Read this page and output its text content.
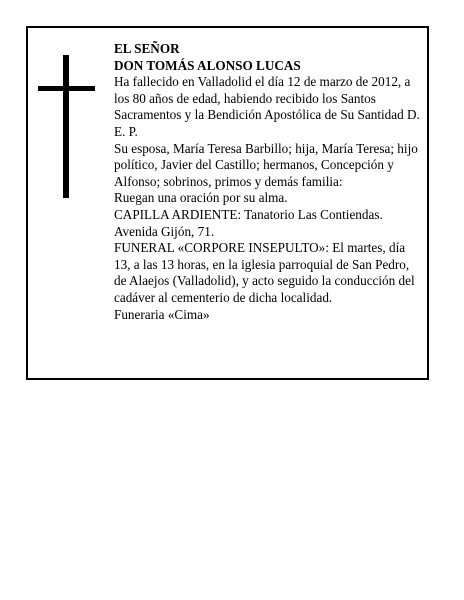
EL SEÑOR

DON TOMÁS ALONSO LUCAS

Ha fallecido en Valladolid el día 12 de marzo de 2012, a los 80 años de edad, habiendo recibido los Santos Sacramentos y la Bendición Apostólica de Su Santidad D. E. P.

Su esposa, María Teresa Barbillo; hija, María Teresa; hijo político, Javier del Castillo; hermanos, Concepción y Alfonso; sobrinos, primos y demás familia:

Ruegan una oración por su alma.

CAPILLA ARDIENTE: Tanatorio Las Contiendas. Avenida Gijón, 71.

FUNERAL «CORPORE INSEPULTO»: El martes, día 13, a las 13 horas, en la iglesia parroquial de San Pedro, de Alaejos (Valladolid), y acto seguido la conducción del cadáver al cementerio de dicha localidad.

Funeraria «Cima»
